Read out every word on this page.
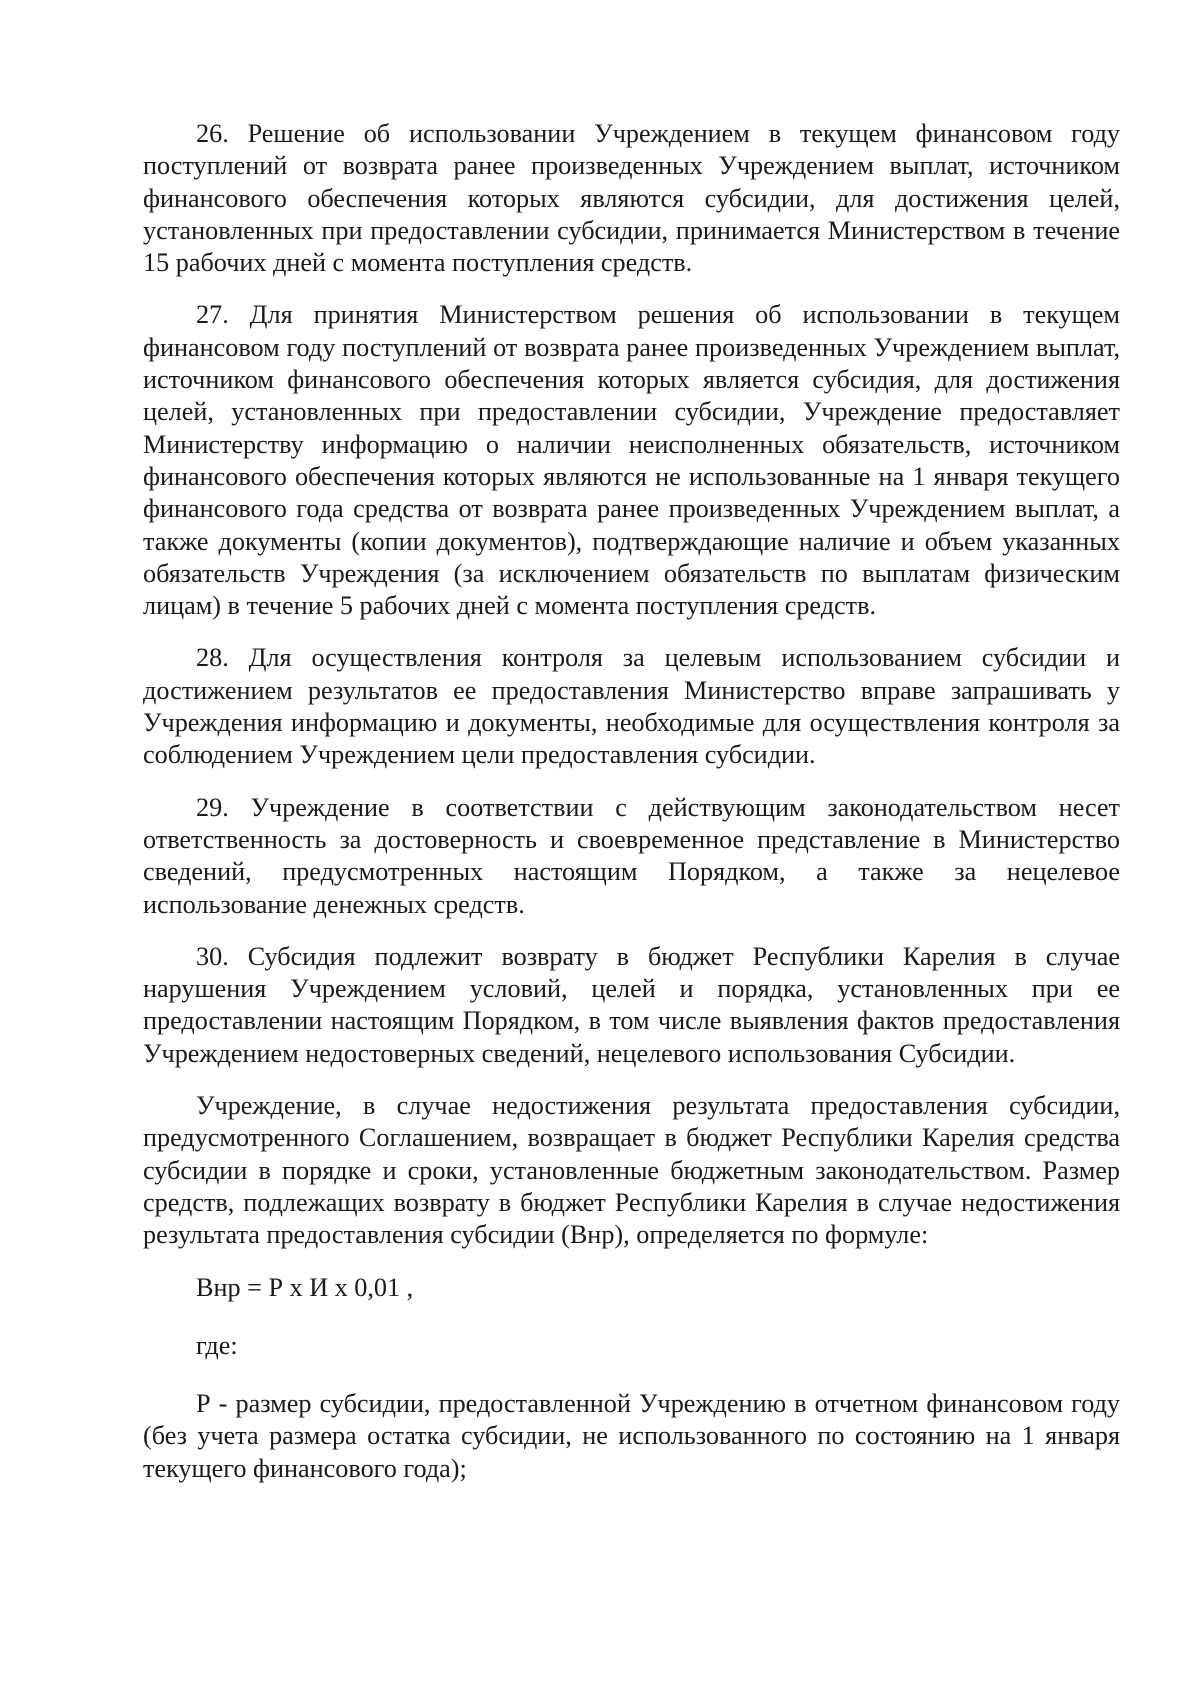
26. Решение об использовании Учреждением в текущем финансовом году поступлений от возврата ранее произведенных Учреждением выплат, источником финансового обеспечения которых являются субсидии, для достижения целей, установленных при предоставлении субсидии, принимается Министерством в течение 15 рабочих дней с момента поступления средств.

27. Для принятия Министерством решения об использовании в текущем финансовом году поступлений от возврата ранее произведенных Учреждением выплат, источником финансового обеспечения которых является субсидия, для достижения целей, установленных при предоставлении субсидии, Учреждение предоставляет Министерству информацию о наличии неисполненных обязательств, источником финансового обеспечения которых являются не использованные на 1 января текущего финансового года средства от возврата ранее произведенных Учреждением выплат, а также документы (копии документов), подтверждающие наличие и объем указанных обязательств Учреждения (за исключением обязательств по выплатам физическим лицам) в течение 5 рабочих дней с момента поступления средств.

28. Для осуществления контроля за целевым использованием субсидии и достижением результатов ее предоставления Министерство вправе запрашивать у Учреждения информацию и документы, необходимые для осуществления контроля за соблюдением Учреждением цели предоставления субсидии.

29. Учреждение в соответствии с действующим законодательством несет ответственность за достоверность и своевременное представление в Министерство сведений, предусмотренных настоящим Порядком, а также за нецелевое использование денежных средств.

30. Субсидия подлежит возврату в бюджет Республики Карелия в случае нарушения Учреждением условий, целей и порядка, установленных при ее предоставлении настоящим Порядком, в том числе выявления фактов предоставления Учреждением недостоверных сведений, нецелевого использования Субсидии.

Учреждение, в случае недостижения результата предоставления субсидии, предусмотренного Соглашением, возвращает в бюджет Республики Карелия средства субсидии в порядке и сроки, установленные бюджетным законодательством. Размер средств, подлежащих возврату в бюджет Республики Карелия в случае недостижения результата предоставления субсидии (Внр), определяется по формуле:

Внр = Р х И х 0,01 ,

где:

Р - размер субсидии, предоставленной Учреждению в отчетном финансовом году (без учета размера остатка субсидии, не использованного по состоянию на 1 января текущего финансового года);
